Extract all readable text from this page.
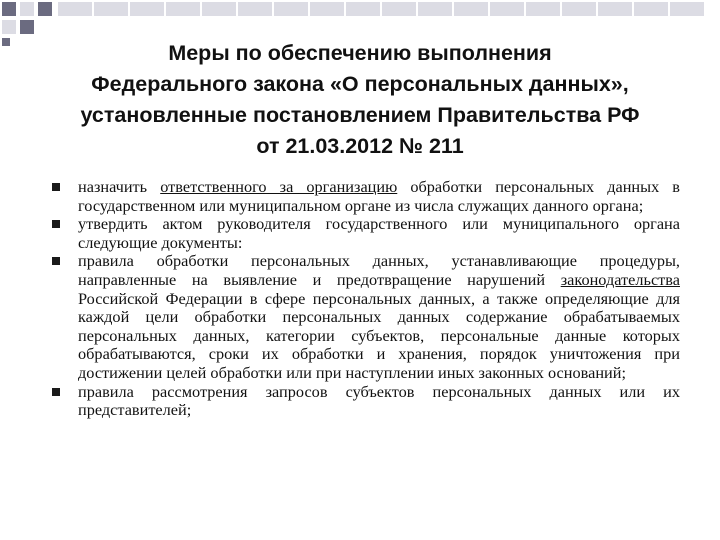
Меры по обеспечению выполнения
Федерального закона «О персональных данных»,
установленные постановлением Правительства РФ
от 21.03.2012 № 211
назначить ответственного за организацию обработки персональных данных в государственном или муниципальном органе из числа служащих данного органа;
утвердить актом руководителя государственного или муниципального органа следующие документы:
правила обработки персональных данных, устанавливающие процедуры, направленные на выявление и предотвращение нарушений законодательства Российской Федерации в сфере персональных данных, а также определяющие для каждой цели обработки персональных данных содержание обрабатываемых персональных данных, категории субъектов, персональные данные которых обрабатываются, сроки их обработки и хранения, порядок уничтожения при достижении целей обработки или при наступлении иных законных оснований;
правила рассмотрения запросов субъектов персональных данных или их представителей;
